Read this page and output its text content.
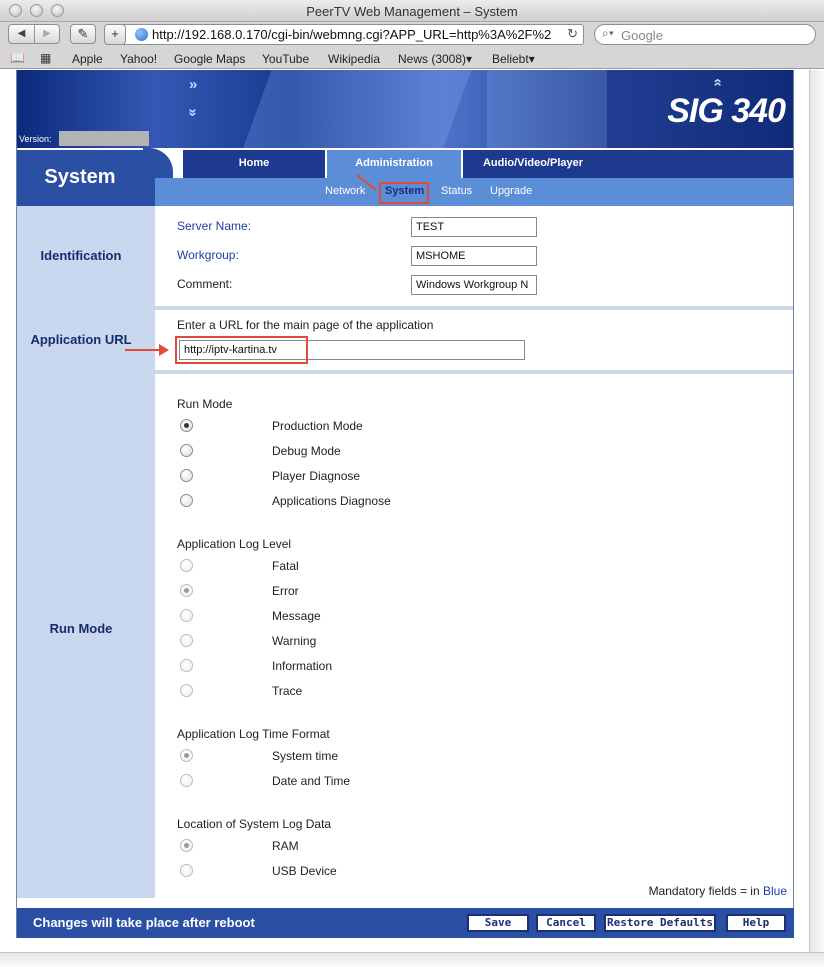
PeerTV Web Management – System
◀	▶	✎	+	http://192.168.0.170/cgi-bin/webmng.cgi?APP_URL=http%3A%2F%2	↻ ⌕▾ Google
📖 ▦ Apple Yahoo! Google Maps YouTube Wikipedia News (3008)▾ Beliebt▾
»
»
»
SIG 340
Version:
System
Home	Administration	Audio/Video/Player
Network System Status Upgrade
Identification
Server Name:
TEST
Workgroup:
MSHOME
Comment:
Windows Workgroup N
Application URL
Enter a URL for the main page of the application
http://iptv-kartina.tv
Run Mode
Run Mode
Production Mode
Debug Mode
Player Diagnose
Applications Diagnose
Application Log Level
Fatal
Error
Message
Warning
Information
Trace
Application Log Time Format
System time
Date and Time
Location of System Log Data
RAM
USB Device
Mandatory fields = in Blue
Changes will take place after reboot	Save	Cancel	Restore Defaults	Help
